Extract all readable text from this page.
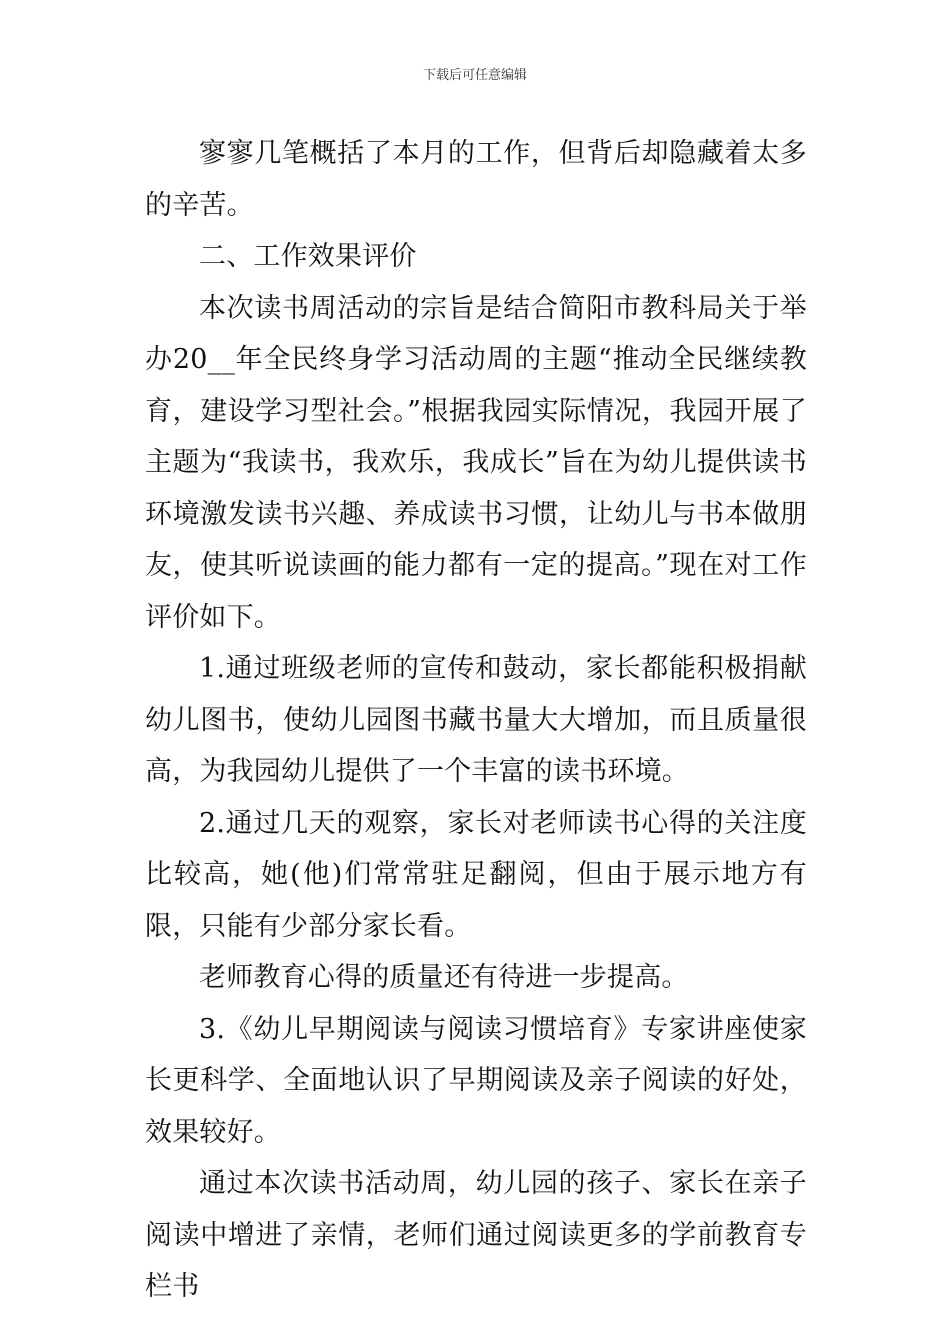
下载后可任意编辑

寥寥几笔概括了本月的工作，但背后却隐藏着太多的辛苦。

二、工作效果评价

本次读书周活动的宗旨是结合简阳市教科局关于举办20__年全民终身学习活动周的主题“推动全民继续教育，建设学习型社会。”根据我园实际情况，我园开展了主题为“我读书，我欢乐，我成长”旨在为幼儿提供读书环境激发读书兴趣、养成读书习惯，让幼儿与书本做朋友，使其听说读画的能力都有一定的提高。”现在对工作评价如下。

1.通过班级老师的宣传和鼓动，家长都能积极捐献幼儿图书，使幼儿园图书藏书量大大增加，而且质量很高，为我园幼儿提供了一个丰富的读书环境。

2.通过几天的观察，家长对老师读书心得的关注度比较高，她(他)们常常驻足翻阅，但由于展示地方有限，只能有少部分家长看。

老师教育心得的质量还有待进一步提高。

3.《幼儿早期阅读与阅读习惯培育》专家讲座使家长更科学、全面地认识了早期阅读及亲子阅读的好处，效果较好。

通过本次读书活动周，幼儿园的孩子、家长在亲子阅读中增进了亲情，老师们通过阅读更多的学前教育专栏书
